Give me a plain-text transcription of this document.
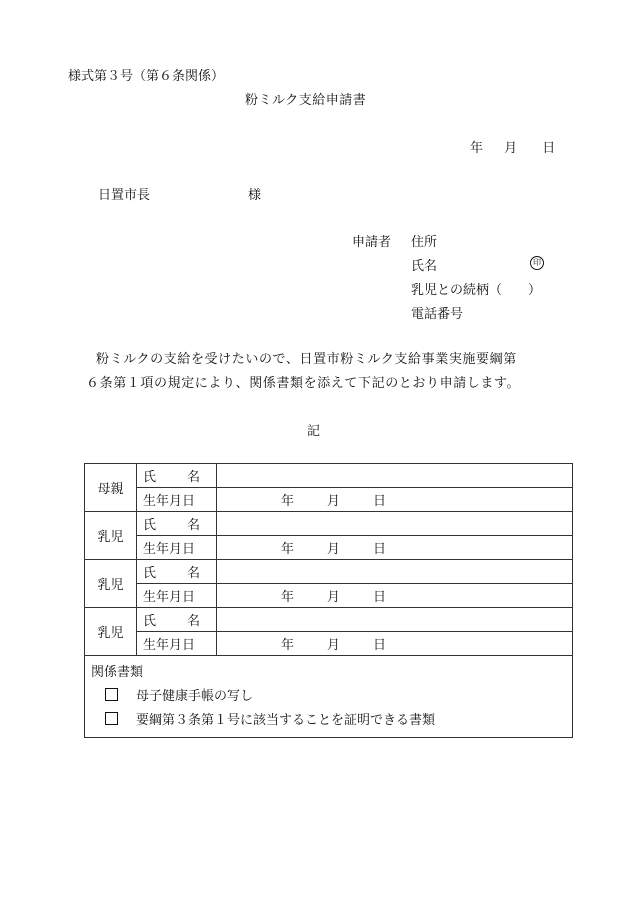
様式第３号（第６条関係）
粉ミルク支給申請書
年 月 日
日置市長	様
申請者 住所
氏名	印
乳児との続柄（　　）
電話番号

粉ミルクの支給を受けたいので、日置市粉ミルク支給事業実施要綱第

６条第１項の規定により、関係書類を添えて下記のとおり申請します。

記
母親	氏 名	
	生年月日	年 月 日

乳児	氏 名	
	生年月日	年 月 日

乳児	氏 名	
	生年月日	年 月 日

乳児	氏 名	
	生年月日	年 月 日

関係書類
母子健康手帳の写し
要綱第３条第１号に該当することを証明できる書類		
